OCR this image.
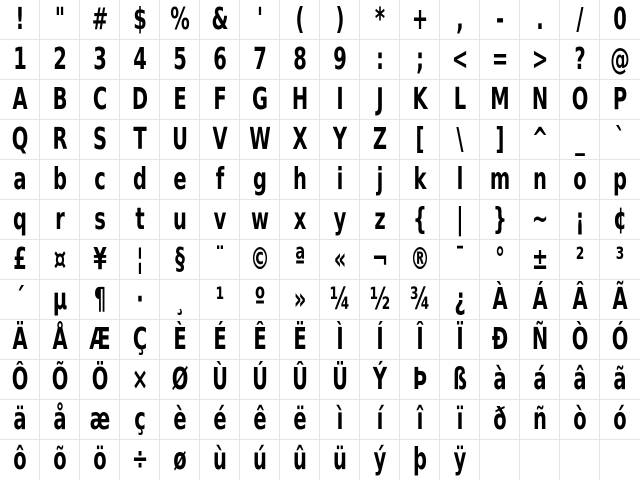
! " # $ % & '	( ) * + ,	-	.	/ 0
1 2 3 4 5 6 7 8 9 :	; < = > ? @
A B C D E F G H I	J K L M N O P
Q R S T U V W X Y Z [	\	] ^ _ `
a b c d e f g h i	j	k	l m n o p
q r s t u v w x y z { | } ~ ¡ ¢
£ ¤ ¥ ¦	§ ¨ © ª « ¬ ® ¯ ° ± ² ³
´ µ ¶	·	¸ ¹ º » ¼ ½ ¾ ¿ À Á Â Ã
Ä Å Æ Ç È É Ê Ë Ì	Í	Î	Ï Ð Ñ Ò Ó
Ô Õ Ö × Ø Ù Ú Û Ü Ý Þ ß à á â ã
ä å æ ç è é ê ë	ì	í	î	ï ð ñ ò ó
ô õ ö ÷ ø ù ú û ü ý þ ÿ
